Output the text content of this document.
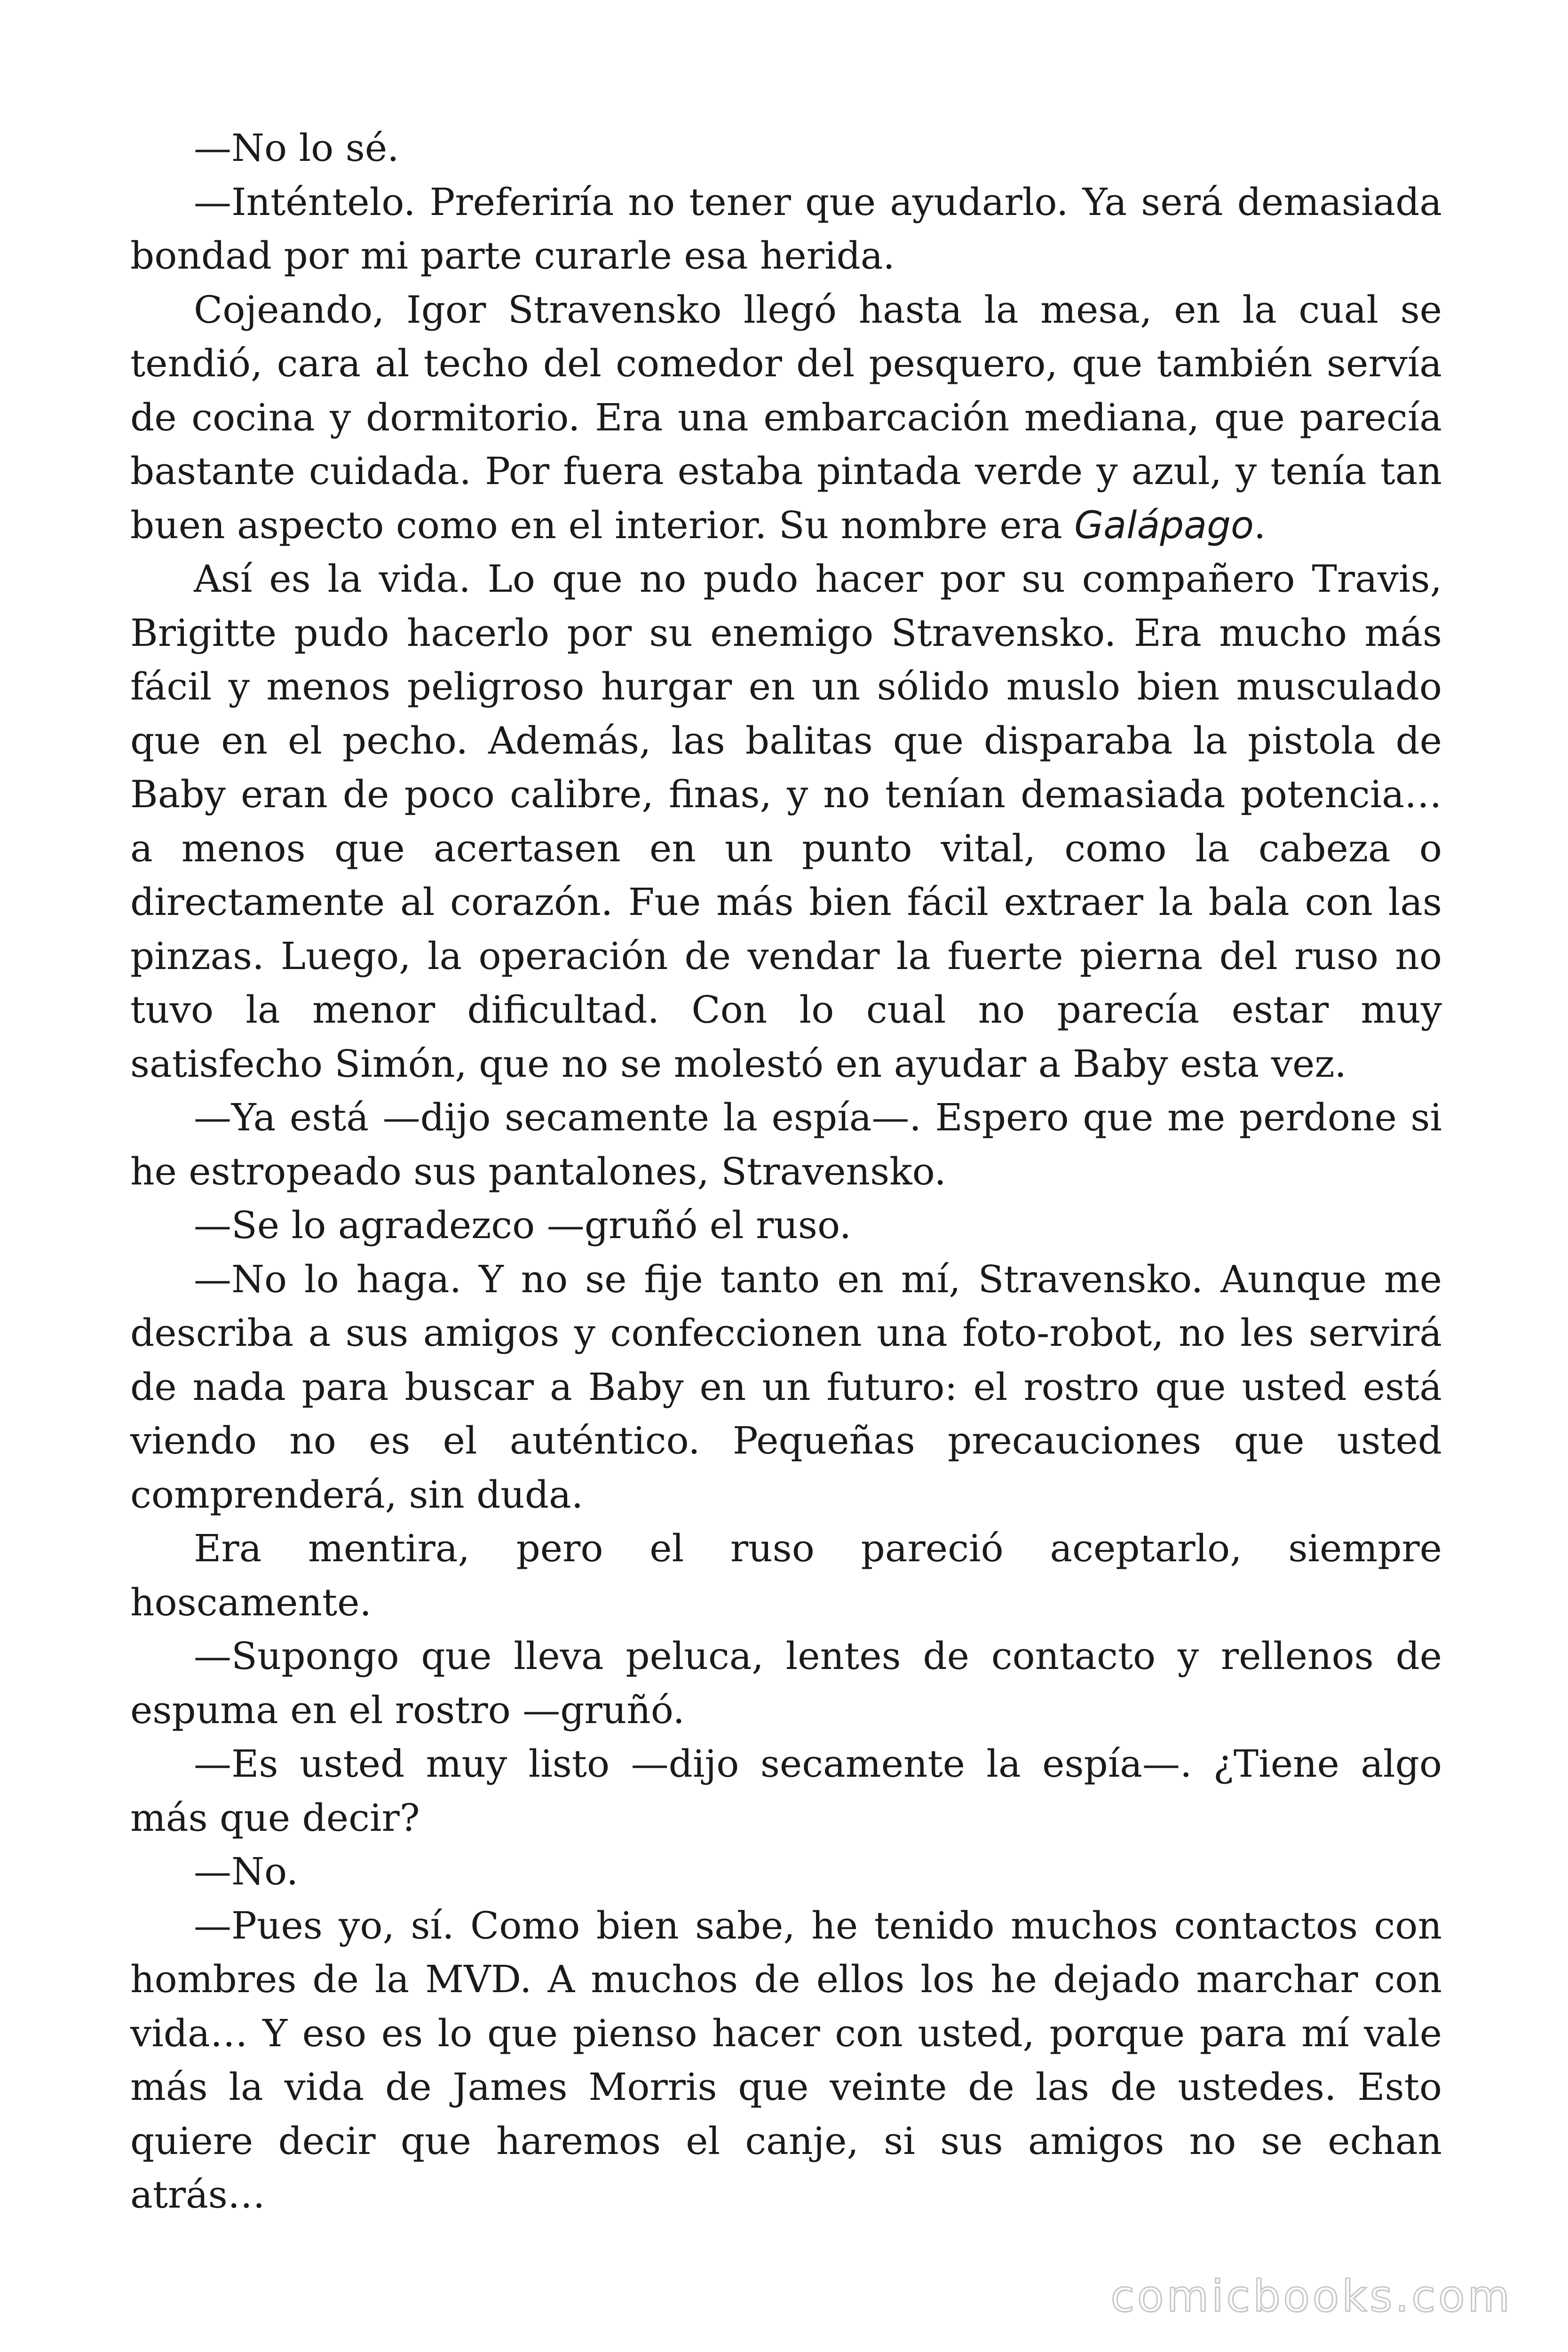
—No lo sé.

—Inténtelo. Preferiría no tener que ayudarlo. Ya será demasiada bondad por mi parte curarle esa herida.

Cojeando, Igor Stravensko llegó hasta la mesa, en la cual se tendió, cara al techo del comedor del pesquero, que también servía de cocina y dormitorio. Era una embarcación mediana, que parecía bastante cuidada. Por fuera estaba pintada verde y azul, y tenía tan buen aspecto como en el interior. Su nombre era Galápago.

Así es la vida. Lo que no pudo hacer por su compañero Travis, Brigitte pudo hacerlo por su enemigo Stravensko. Era mucho más fácil y menos peligroso hurgar en un sólido muslo bien musculado que en el pecho. Además, las balitas que disparaba la pistola de Baby eran de poco calibre, finas, y no tenían demasiada potencia… a menos que acertasen en un punto vital, como la cabeza o directamente al corazón. Fue más bien fácil extraer la bala con las pinzas. Luego, la operación de vendar la fuerte pierna del ruso no tuvo la menor dificultad. Con lo cual no parecía estar muy satisfecho Simón, que no se molestó en ayudar a Baby esta vez.

—Ya está —dijo secamente la espía—. Espero que me perdone si he estropeado sus pantalones, Stravensko.

—Se lo agradezco —gruñó el ruso.

—No lo haga. Y no se fije tanto en mí, Stravensko. Aunque me describa a sus amigos y confeccionen una foto-robot, no les servirá de nada para buscar a Baby en un futuro: el rostro que usted está viendo no es el auténtico. Pequeñas precauciones que usted comprenderá, sin duda.

Era mentira, pero el ruso pareció aceptarlo, siempre hoscamente.

—Supongo que lleva peluca, lentes de contacto y rellenos de espuma en el rostro —gruñó.

—Es usted muy listo —dijo secamente la espía—. ¿Tiene algo más que decir?

—No.

—Pues yo, sí. Como bien sabe, he tenido muchos contactos con hombres de la MVD. A muchos de ellos los he dejado marchar con vida… Y eso es lo que pienso hacer con usted, porque para mí vale más la vida de James Morris que veinte de las de ustedes. Esto quiere decir que haremos el canje, si sus amigos no se echan atrás…

comicbooks.com
